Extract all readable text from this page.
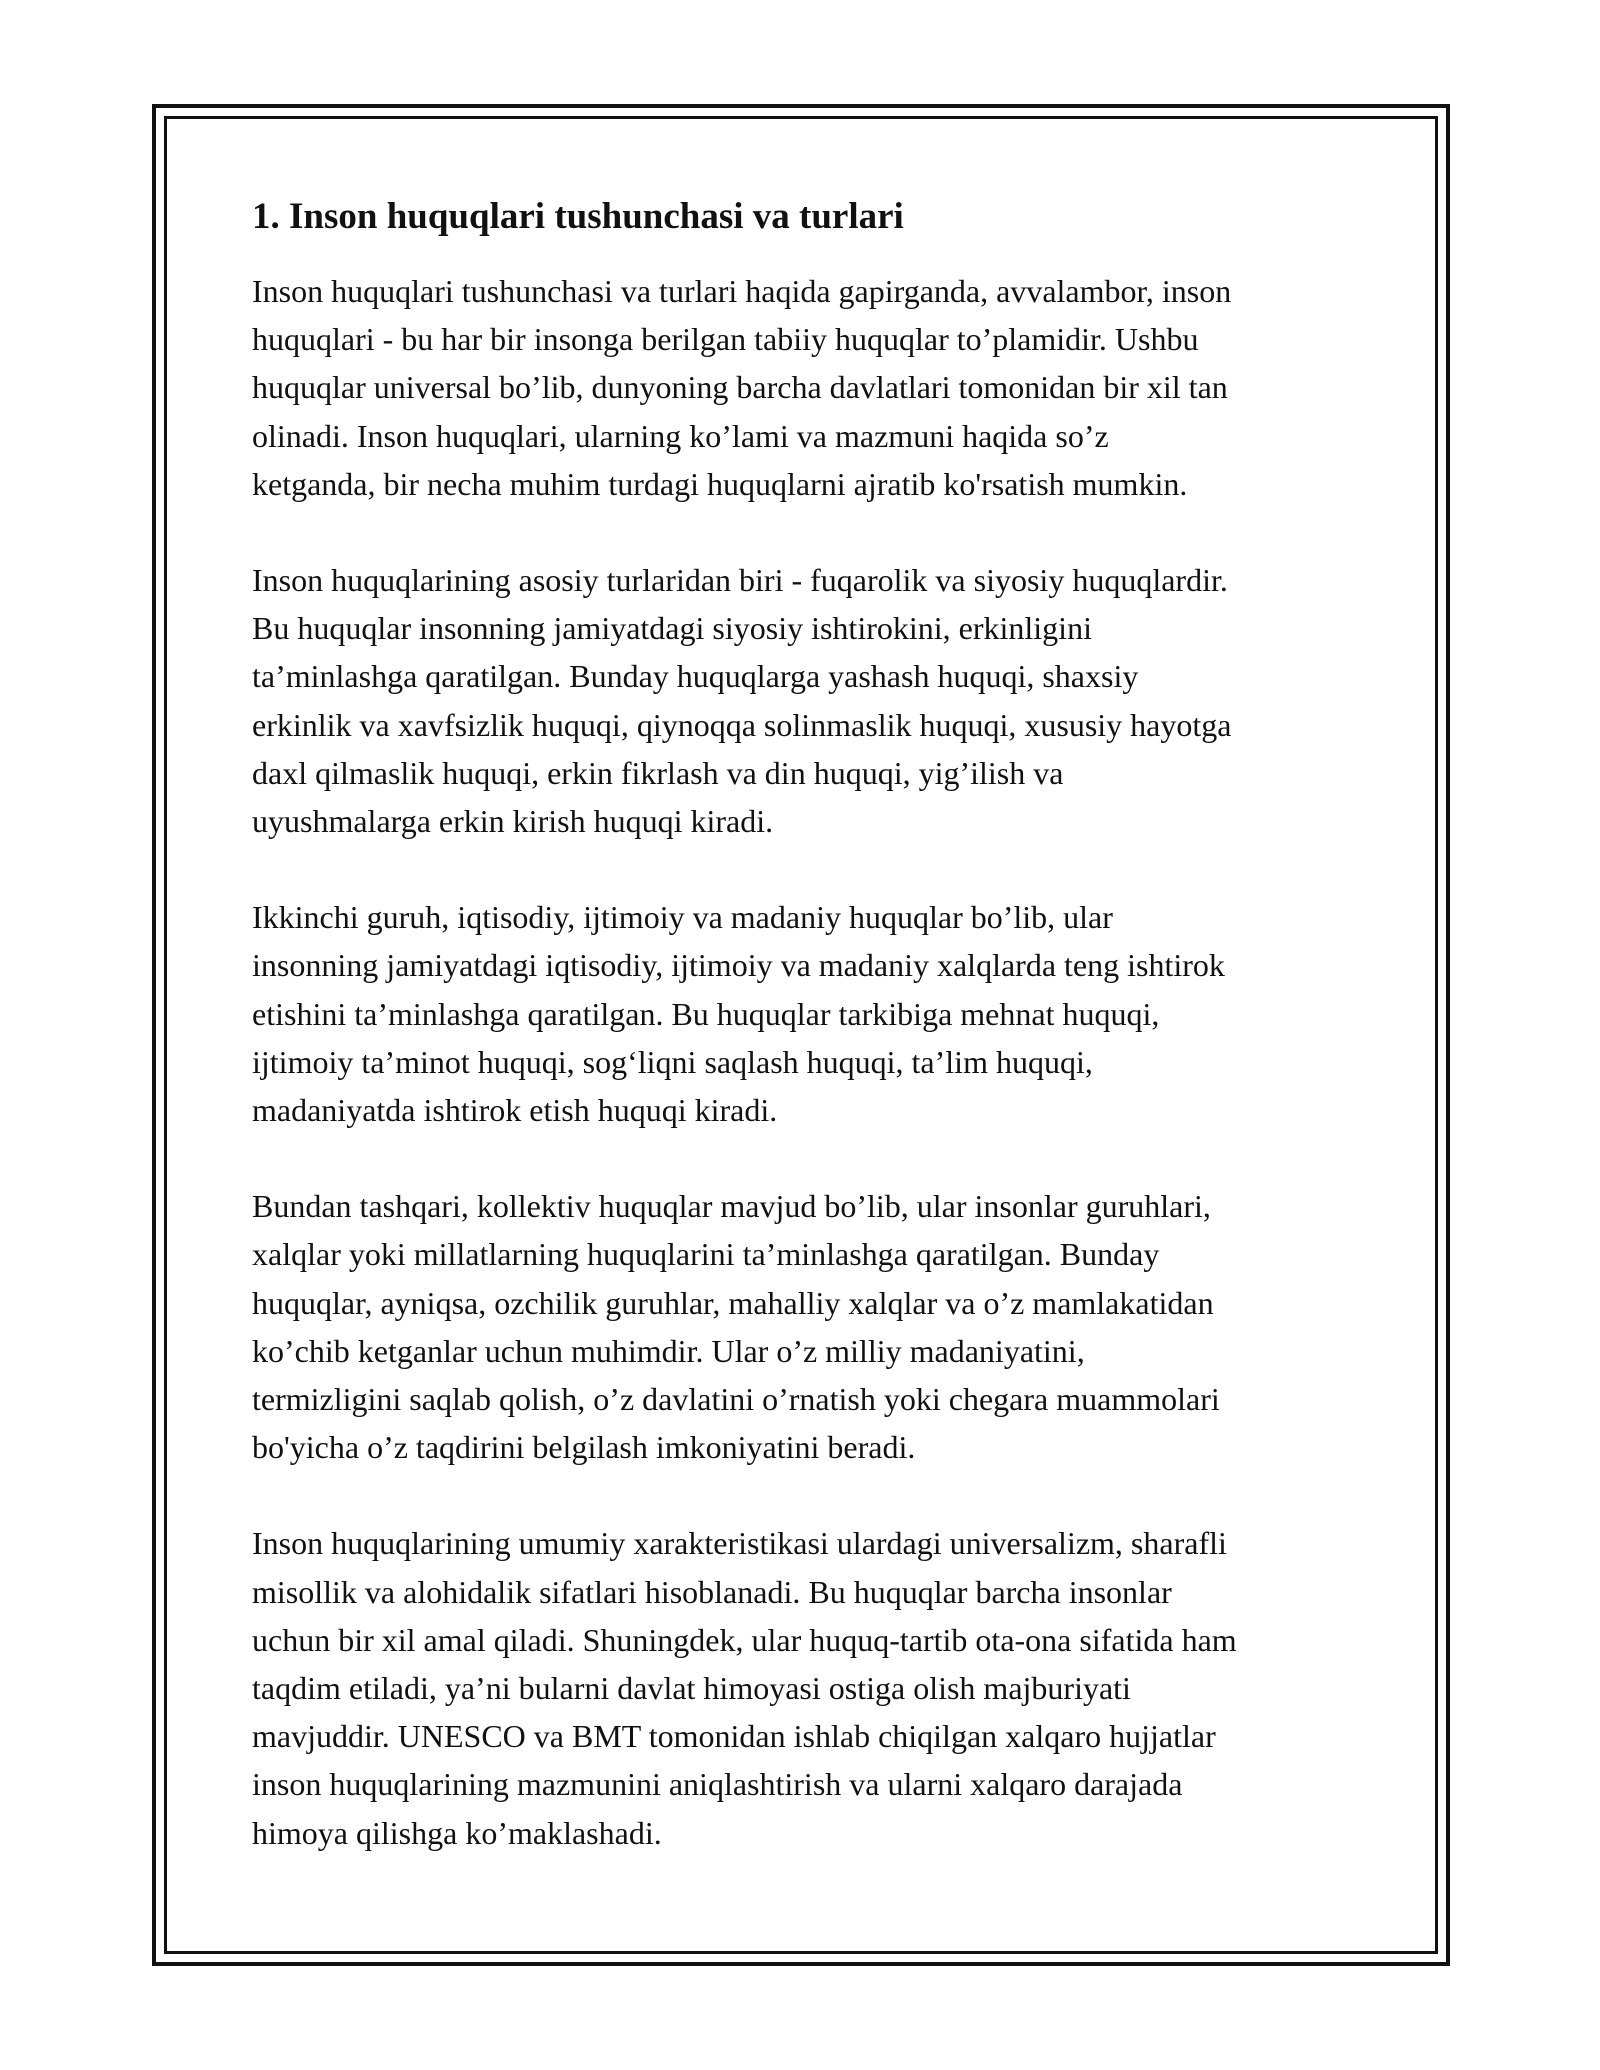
1. Inson huquqlari tushunchasi va turlari

Inson huquqlari tushunchasi va turlari haqida gapirganda, avvalambor, inson
huquqlari - bu har bir insonga berilgan tabiiy huquqlar to’plamidir. Ushbu
huquqlar universal bo’lib, dunyoning barcha davlatlari tomonidan bir xil tan
olinadi. Inson huquqlari, ularning ko’lami va mazmuni haqida so’z
ketganda, bir necha muhim turdagi huquqlarni ajratib ko'rsatish mumkin.

Inson huquqlarining asosiy turlaridan biri - fuqarolik va siyosiy huquqlardir.
Bu huquqlar insonning jamiyatdagi siyosiy ishtirokini, erkinligini
ta’minlashga qaratilgan. Bunday huquqlarga yashash huquqi, shaxsiy
erkinlik va xavfsizlik huquqi, qiynoqqa solinmaslik huquqi, xususiy hayotga
daxl qilmaslik huquqi, erkin fikrlash va din huquqi, yig’ilish va
uyushmalarga erkin kirish huquqi kiradi.

Ikkinchi guruh, iqtisodiy, ijtimoiy va madaniy huquqlar bo’lib, ular
insonning jamiyatdagi iqtisodiy, ijtimoiy va madaniy xalqlarda teng ishtirok
etishini ta’minlashga qaratilgan. Bu huquqlar tarkibiga mehnat huquqi,
ijtimoiy ta’minot huquqi, sog‘liqni saqlash huquqi, ta’lim huquqi,
madaniyatda ishtirok etish huquqi kiradi.

Bundan tashqari, kollektiv huquqlar mavjud bo’lib, ular insonlar guruhlari,
xalqlar yoki millatlarning huquqlarini ta’minlashga qaratilgan. Bunday
huquqlar, ayniqsa, ozchilik guruhlar, mahalliy xalqlar va o’z mamlakatidan
ko’chib ketganlar uchun muhimdir. Ular o’z milliy madaniyatini,
termizligini saqlab qolish, o’z davlatini o’rnatish yoki chegara muammolari
bo'yicha o’z taqdirini belgilash imkoniyatini beradi.

Inson huquqlarining umumiy xarakteristikasi ulardagi universalizm, sharafli
misollik va alohidalik sifatlari hisoblanadi. Bu huquqlar barcha insonlar
uchun bir xil amal qiladi. Shuningdek, ular huquq-tartib ota-ona sifatida ham
taqdim etiladi, ya’ni bularni davlat himoyasi ostiga olish majburiyati
mavjuddir. UNESCO va BMT tomonidan ishlab chiqilgan xalqaro hujjatlar
inson huquqlarining mazmunini aniqlashtirish va ularni xalqaro darajada
himoya qilishga ko’maklashadi.
